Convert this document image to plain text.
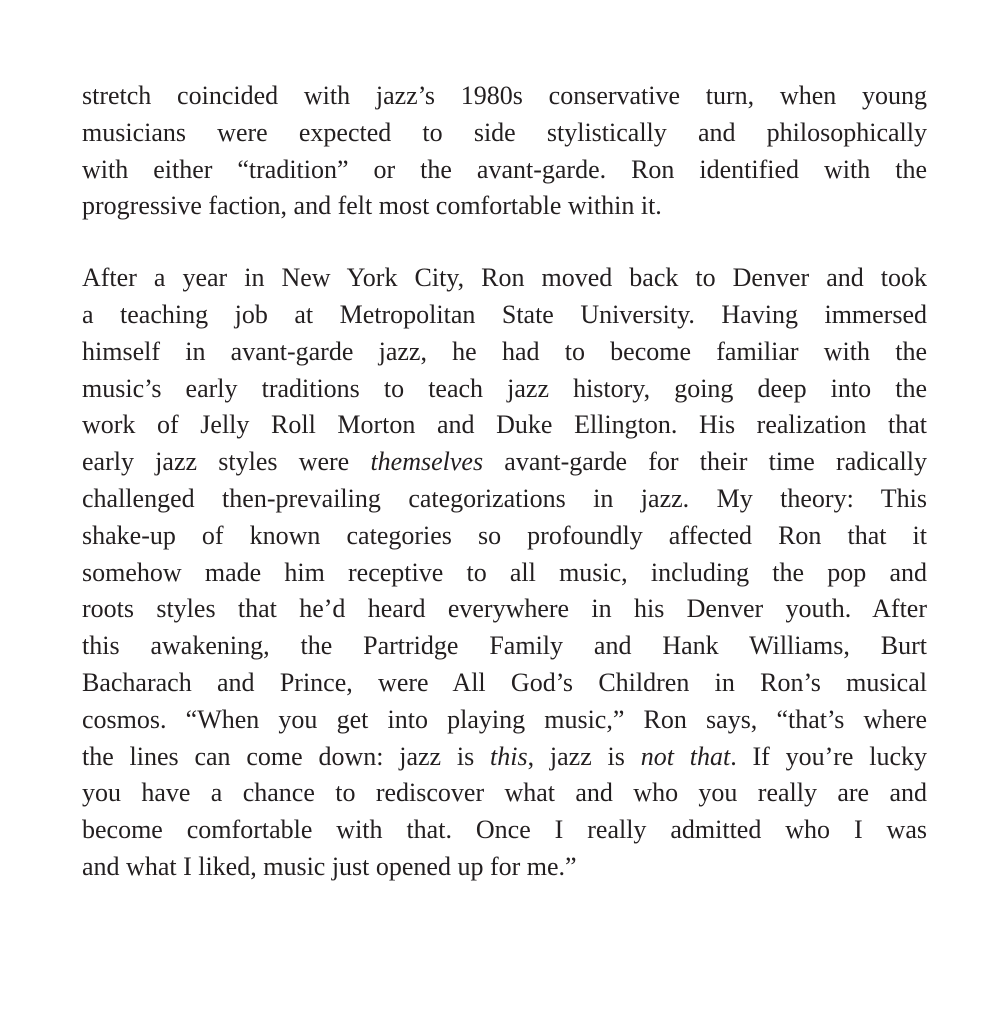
stretch coincided with jazz’s 1980s conservative turn, when young
musicians were expected to side stylistically and philosophically
with either “tradition” or the avant-garde. Ron identified with the
progressive faction, and felt most comfortable within it.
After a year in New York City, Ron moved back to Denver and took
a teaching job at Metropolitan State University. Having immersed
himself in avant-garde jazz, he had to become familiar with the
music’s early traditions to teach jazz history, going deep into the
work of Jelly Roll Morton and Duke Ellington. His realization that
early jazz styles were themselves avant-garde for their time radically
challenged then-prevailing categorizations in jazz. My theory: This
shake-up of known categories so profoundly affected Ron that it
somehow made him receptive to all music, including the pop and
roots styles that he’d heard everywhere in his Denver youth. After
this awakening, the Partridge Family and Hank Williams, Burt
Bacharach and Prince, were All God’s Children in Ron’s musical
cosmos. “When you get into playing music,” Ron says, “that’s where
the lines can come down: jazz is this, jazz is not that. If you’re lucky
you have a chance to rediscover what and who you really are and
become comfortable with that. Once I really admitted who I was
and what I liked, music just opened up for me.”
